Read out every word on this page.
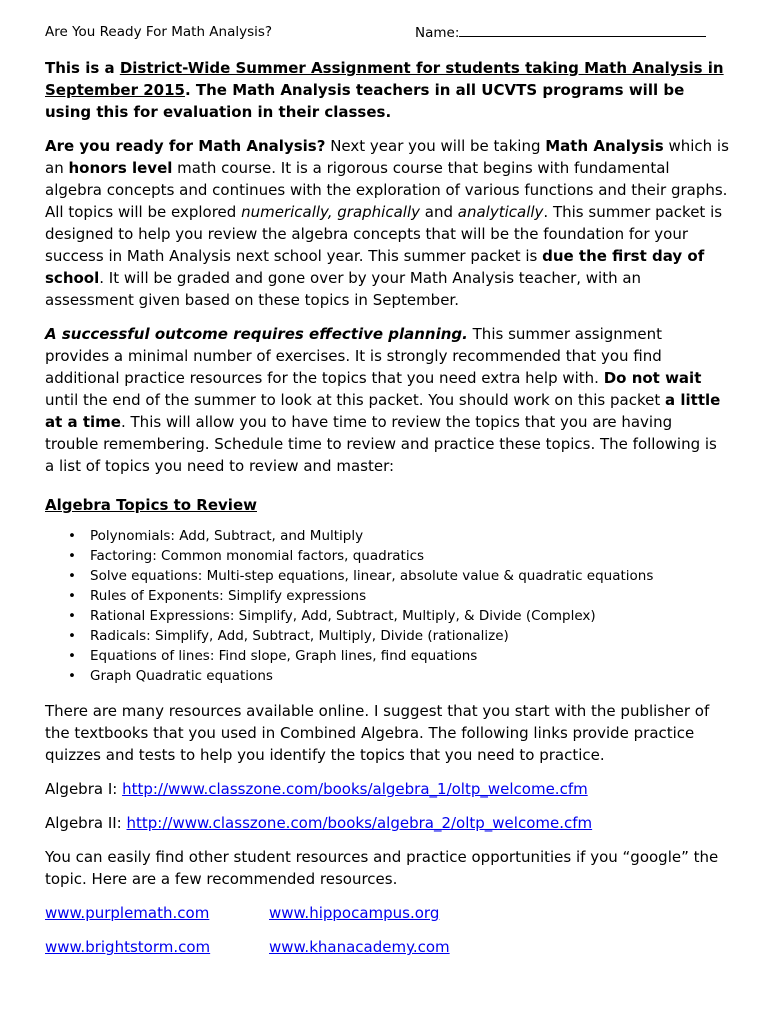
Are You Ready For Math Analysis?	Name:

This is a District-Wide Summer Assignment for students taking Math Analysis in September 2015. The Math Analysis teachers in all UCVTS programs will be using this for evaluation in their classes.

Are you ready for Math Analysis? Next year you will be taking Math Analysis which is an honors level math course. It is a rigorous course that begins with fundamental algebra concepts and continues with the exploration of various functions and their graphs. All topics will be explored numerically, graphically and analytically. This summer packet is designed to help you review the algebra concepts that will be the foundation for your success in Math Analysis next school year. This summer packet is due the first day of school. It will be graded and gone over by your Math Analysis teacher, with an assessment given based on these topics in September.

A successful outcome requires effective planning. This summer assignment provides a minimal number of exercises. It is strongly recommended that you find additional practice resources for the topics that you need extra help with. Do not wait until the end of the summer to look at this packet. You should work on this packet a little at a time. This will allow you to have time to review the topics that you are having trouble remembering. Schedule time to review and practice these topics. The following is a list of topics you need to review and master:

Algebra Topics to Review
• Polynomials: Add, Subtract, and Multiply
• Factoring: Common monomial factors, quadratics
• Solve equations: Multi-step equations, linear, absolute value & quadratic equations
• Rules of Exponents: Simplify expressions
• Rational Expressions: Simplify, Add, Subtract, Multiply, & Divide (Complex)
• Radicals: Simplify, Add, Subtract, Multiply, Divide (rationalize)
• Equations of lines: Find slope, Graph lines, find equations
• Graph Quadratic equations

There are many resources available online. I suggest that you start with the publisher of the textbooks that you used in Combined Algebra. The following links provide practice quizzes and tests to help you identify the topics that you need to practice.

Algebra I: http://www.classzone.com/books/algebra_1/oltp_welcome.cfm

Algebra II: http://www.classzone.com/books/algebra_2/oltp_welcome.cfm

You can easily find other student resources and practice opportunities if you “google” the topic. Here are a few recommended resources.

www.purplemath.com	www.hippocampus.org
www.brightstorm.com	www.khanacademy.com
